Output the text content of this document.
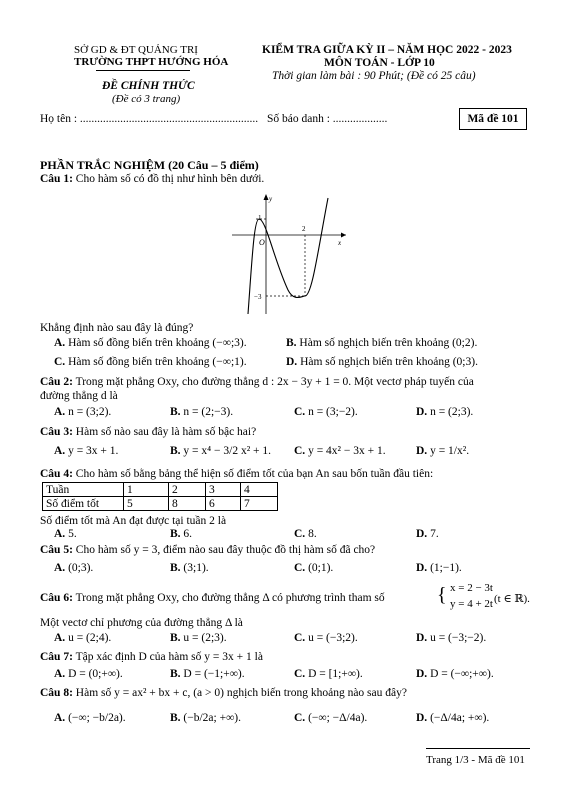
SỞ GD & ĐT QUẢNG TRỊ
TRƯỜNG THPT HƯỚNG HÓA
ĐỀ CHÍNH THỨC
(Đề có 3 trang)
KIỂM TRA GIỮA KỲ II – NĂM HỌC 2022 - 2023
MÔN TOÁN - LỚP 10
Thời gian làm bài : 90 Phút; (Đề có 25 câu)
Họ tên : .............................................................. Số báo danh : ...................	Mã đề 101
PHẦN TRẮC NGHIỆM (20 Câu – 5 điểm)
Câu 1: Cho hàm số có đồ thị như hình bên dưới.
y
x
O
1
2
−3
Khẳng định nào sau đây là đúng?
A. Hàm số đồng biến trên khoảng (−∞;3).	B. Hàm số nghịch biến trên khoảng (0;2).
C. Hàm số đồng biến trên khoảng (−∞;1).	D. Hàm số nghịch biến trên khoảng (0;3).
Câu 2: Trong mặt phẳng Oxy, cho đường thẳng d : 2x − 3y + 1 = 0. Một vectơ pháp tuyến của
đường thẳng d là
A. n = (3;2).	B. n = (2;−3).	C. n = (3;−2).	D. n = (2;3).
Câu 3: Hàm số nào sau đây là hàm số bậc hai?
A. y = 3x + 1.	B. y = x⁴ − 3/2 x² + 1. C. y = 4x² − 3x + 1.	D. y = 1/x².
Câu 4: Cho hàm số bằng bảng thể hiện số điểm tốt của bạn An sau bốn tuần đầu tiên:
Tuần	1	2	3	4
Số điểm tốt	5	8	6	7
Số điểm tốt mà An đạt được tại tuần 2 là
A. 5.	B. 6.	C. 8.	D. 7.
Câu 5: Cho hàm số y = 3, điểm nào sau đây thuộc đồ thị hàm số đã cho?
A. (0;3).	B. (3;1).	C. (0;1).	D. (1;−1).
Câu 6: Trong mặt phẳng Oxy, cho đường thẳng Δ có phương trình tham số	{ x = 2 − 3t
y = 4 + 2t (t ∈ ℝ).
Một vectơ chỉ phương của đường thẳng Δ là
A. u = (2;4).	B. u = (2;3).	C. u = (−3;2).	D. u = (−3;−2).
Câu 7: Tập xác định D của hàm số y = 3x + 1 là
A. D = (0;+∞).	B. D = (−1;+∞).	C. D = [1;+∞).	D. D = (−∞;+∞).
Câu 8: Hàm số y = ax² + bx + c, (a > 0) nghịch biến trong khoảng nào sau đây?
A. (−∞; −b/2a).	B. (−b/2a; +∞).	C. (−∞; −Δ/4a).	D. (−Δ/4a; +∞).
Trang 1/3 - Mã đề 101
